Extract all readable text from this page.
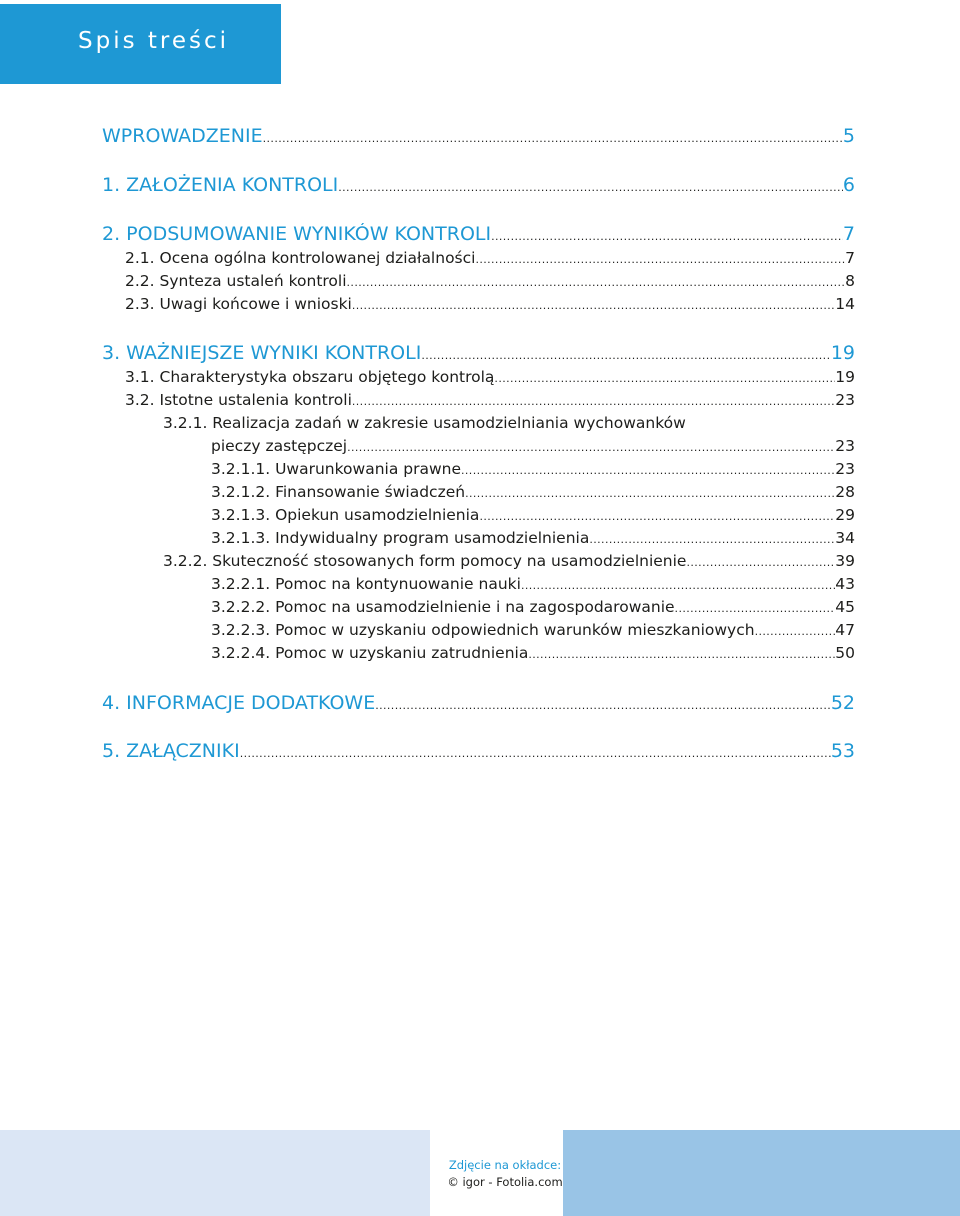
Spis treści
WPROWADZENIE .....	5
1. ZAŁOŻENIA KONTROLI .....	6
2. PODSUMOWANIE WYNIKÓW KONTROLI .....	7
2.1. Ocena ogólna kontrolowanej działalności .....	7
2.2. Synteza ustaleń kontroli .....	8
2.3. Uwagi końcowe i wnioski .....	14
3. WAŻNIEJSZE WYNIKI KONTROLI .....	19
3.1. Charakterystyka obszaru objętego kontrolą .....	19
3.2. Istotne ustalenia kontroli .....	23
3.2.1. Realizacja zadań w zakresie usamodzielniania wychowanków
pieczy zastępczej .....	23
3.2.1.1. Uwarunkowania prawne .....	23
3.2.1.2. Finansowanie świadczeń .....	28
3.2.1.3. Opiekun usamodzielnienia .....	29
3.2.1.3. Indywidualny program usamodzielnienia .....	34
3.2.2. Skuteczność stosowanych form pomocy na usamodzielnienie .....	39
3.2.2.1. Pomoc na kontynuowanie nauki .....	43
3.2.2.2. Pomoc na usamodzielnienie i na zagospodarowanie .....	45
3.2.2.3. Pomoc w uzyskaniu odpowiednich warunków mieszkaniowych .....	47
3.2.2.4. Pomoc w uzyskaniu zatrudnienia .....	50
4. INFORMACJE DODATKOWE .....	52
5. ZAŁĄCZNIKI .....	53
Zdjęcie na okładce:
© igor - Fotolia.com
